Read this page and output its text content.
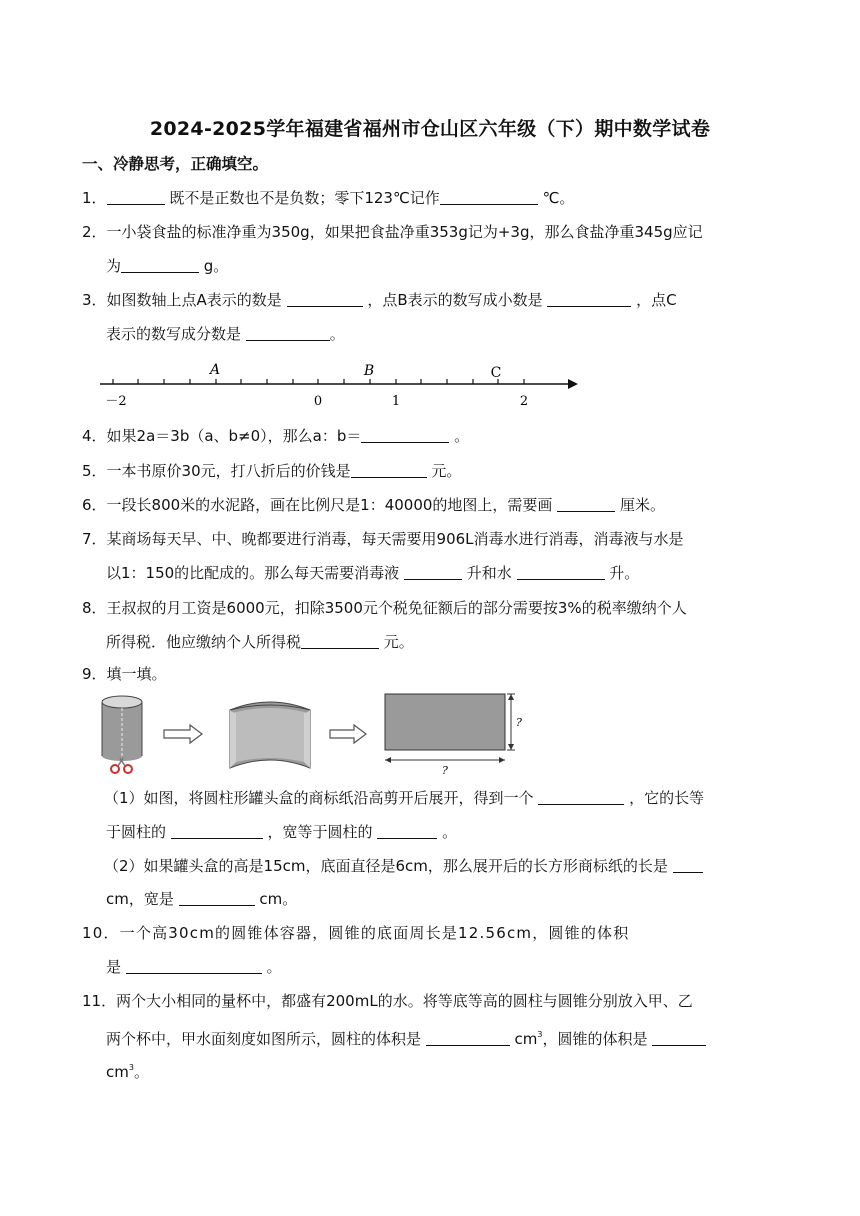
2024-2025学年福建省福州市仓山区六年级（下）期中数学试卷
一、冷静思考，正确填空。
1．	既不是正数也不是负数；零下123℃记作	℃。
2．一小袋食盐的标准净重为350g，如果把食盐净重353g记为+3g，那么食盐净重345g应记
为	g。
3．如图数轴上点A表示的数是	，点B表示的数写成小数是	，点C
表示的数写成分数是	。
A	B	C
－2	0	1	2
4．如果2a＝3b（a、b≠0），那么a：b＝	。
5．一本书原价30元，打八折后的价钱是	元。
6．一段长800米的水泥路，画在比例尺是1：40000的地图上，需要画	厘米。
7．某商场每天早、中、晚都要进行消毒，每天需要用906L消毒水进行消毒，消毒液与水是
以1：150的比配成的。那么每天需要消毒液	升和水	升。
8．王叔叔的月工资是6000元，扣除3500元个税免征额后的部分需要按3%的税率缴纳个人
所得税．他应缴纳个人所得税	元。
9．填一填。
?
?
（1）如图，将圆柱形罐头盒的商标纸沿高剪开后展开，得到一个	，它的长等
于圆柱的	，宽等于圆柱的	。
（2）如果罐头盒的高是15cm，底面直径是6cm，那么展开后的长方形商标纸的长是
cm，宽是	cm。
10．一个高30cm的圆锥体容器，圆锥的底面周长是12.56cm，圆锥的体积
是	。
11．两个大小相同的量杯中，都盛有200mL的水。将等底等高的圆柱与圆锥分别放入甲、乙
两个杯中，甲水面刻度如图所示，圆柱的体积是	$cm^3$，圆锥的体积是
$cm^3$。
